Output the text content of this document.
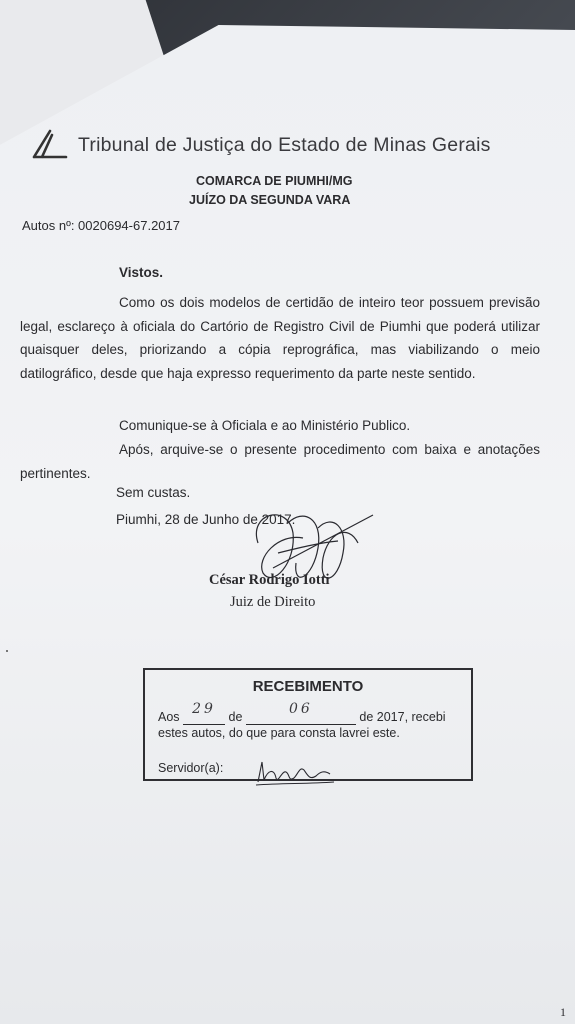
Tribunal de Justiça do Estado de Minas Gerais
COMARCA DE PIUMHI/MG
JUÍZO DA SEGUNDA VARA
Autos nº: 0020694-67.2017
Vistos.
Como os dois modelos de certidão de inteiro teor possuem previsão legal, esclareço à oficiala do Cartório de Registro Civil de Piumhi que poderá utilizar quaisquer deles, priorizando a cópia reprográfica, mas viabilizando o meio datilográfico, desde que haja expresso requerimento da parte neste sentido.
Comunique-se à Oficiala e ao Ministério Publico.
Após, arquive-se o presente procedimento com baixa e anotações pertinentes.
Sem custas.
Piumhi, 28 de Junho de 2017.
César Rodrigo Iotti
Juiz de Direito
RECEBIMENTO
Aos 29	de	06	de 2017, recebi
estes autos, do que para consta lavrei este.
Servidor(a):
1
